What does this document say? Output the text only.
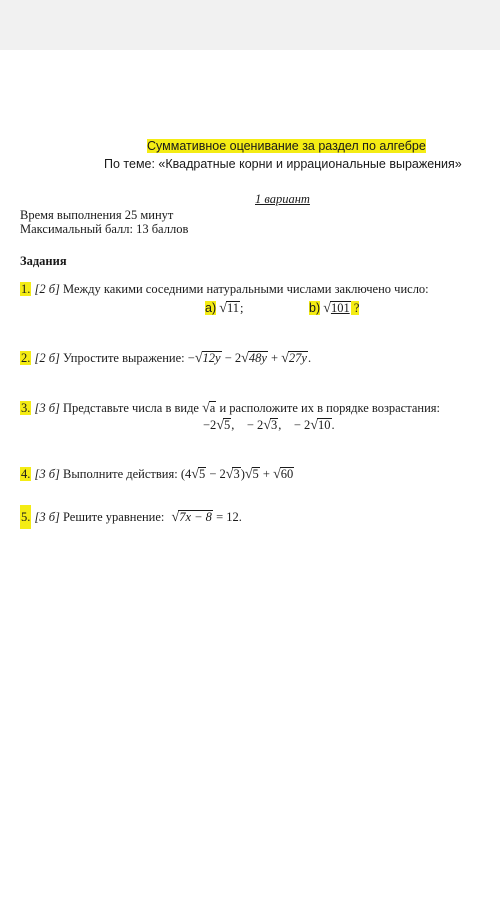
Суммативное оценивание за раздел по алгебре
По теме: «Квадратные корни и иррациональные выражения»
1 вариант
Время выполнения 25 минут
Максимальный балл: 13 баллов
Задания
1. [2 б] Между какими соседними натуральными числами заключено число:
a) √11;	b) √101 ?
2. [2 б] Упростите выражение: −√12y − 2√48y + √27y.
3. [3 б] Представьте числа в виде √a и расположите их в порядке возрастания:
−2√5, − 2√3, − 2√10.
4. [3 б] Выполните действия: (4√5 − 2√3)√5 + √60
5. [3 б] Решите уравнение: √7x − 8 = 12.
